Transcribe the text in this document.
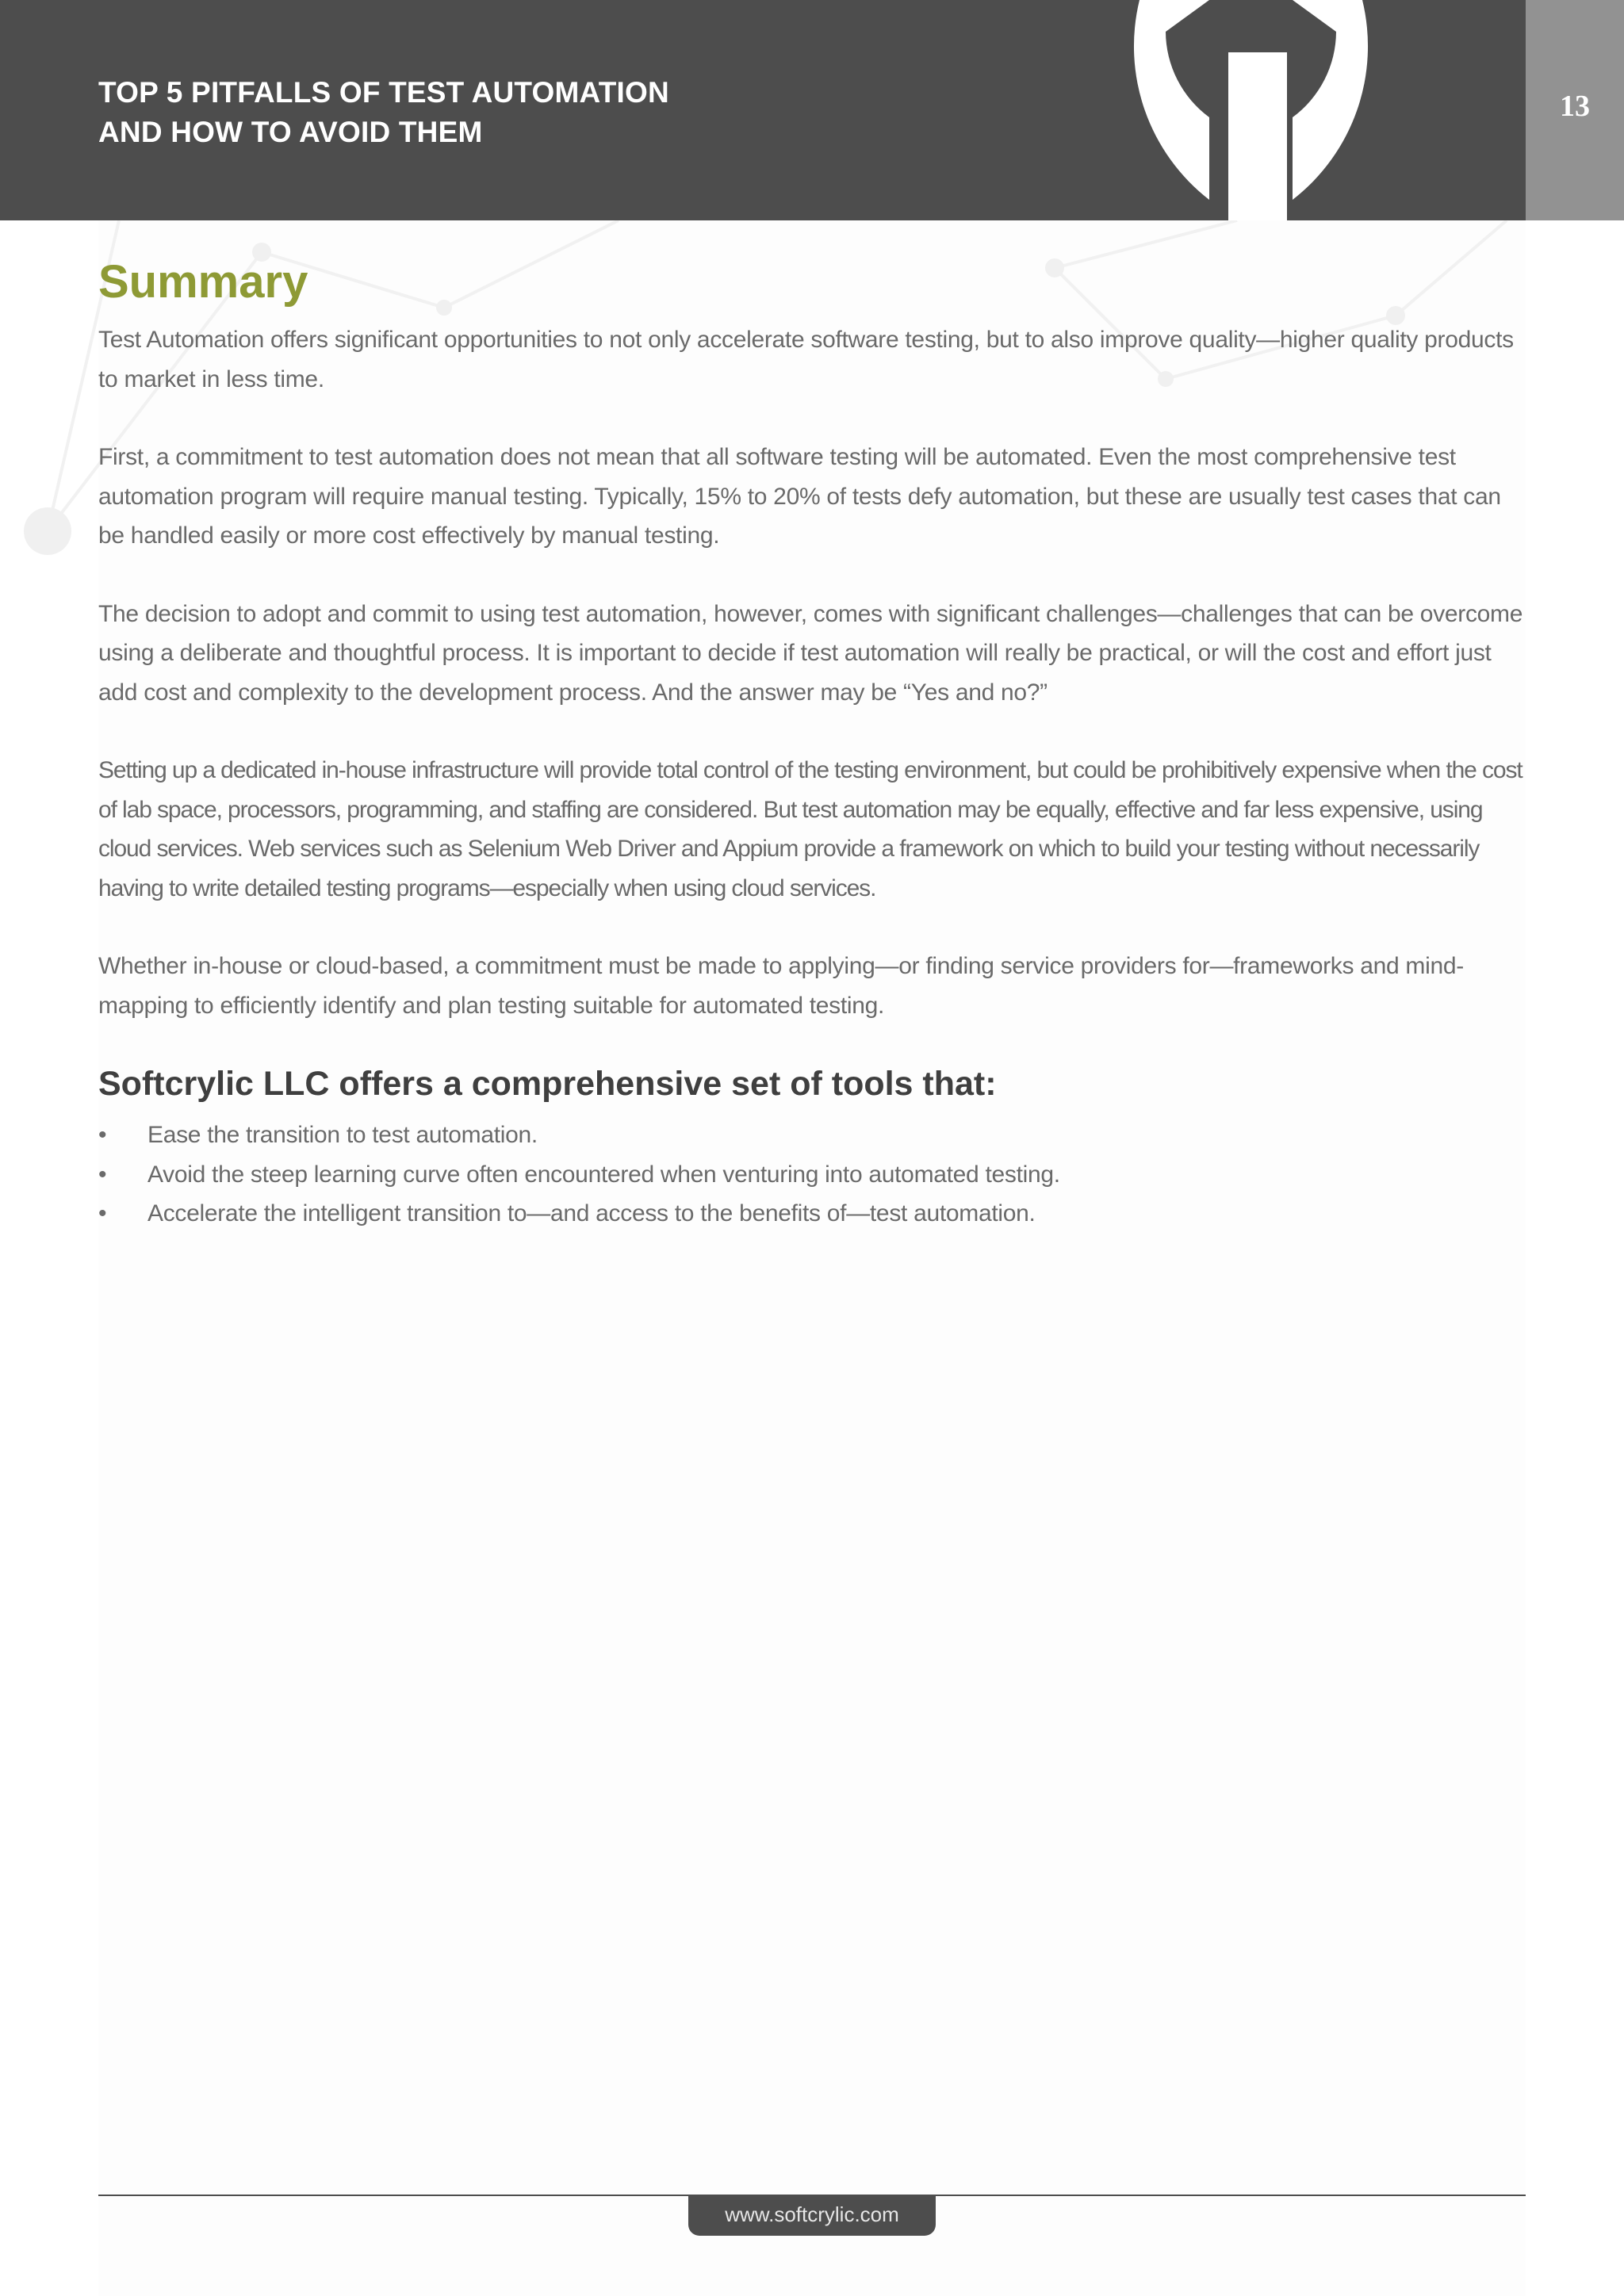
TOP 5 PITFALLS OF TEST AUTOMATION
AND HOW TO AVOID THEM
13
Summary

Test Automation offers significant opportunities to not only accelerate software testing, but to also improve quality—higher quality products to market in less time.

First, a commitment to test automation does not mean that all software testing will be automated. Even the most comprehensive test automation program will require manual testing. Typically, 15% to 20% of tests defy automation, but these are usually test cases that can be handled easily or more cost effectively by manual testing.

The decision to adopt and commit to using test automation, however, comes with significant challenges—challenges that can be overcome using a deliberate and thoughtful process. It is important to decide if test automation will really be practical, or will the cost and effort just add cost and complexity to the development process. And the answer may be “Yes and no?”

Setting up a dedicated in-house infrastructure will provide total control of the testing environment, but could be prohibitively expensive when the cost of lab space, processors, programming, and staffing are considered. But test automation may be equally, effective and far less expensive, using cloud services. Web services such as Selenium Web Driver and Appium provide a framework on which to build your testing without necessarily having to write detailed testing programs—especially when using cloud services.

Whether in-house or cloud-based, a commitment must be made to applying—or finding service providers for—frameworks and mind-mapping to efficiently identify and plan testing suitable for automated testing.

Softcrylic LLC offers a comprehensive set of tools that:
•	Ease the transition to test automation.
•	Avoid the steep learning curve often encountered when venturing into automated testing.
•	Accelerate the intelligent transition to—and access to the benefits of—test automation.
www.softcrylic.com
